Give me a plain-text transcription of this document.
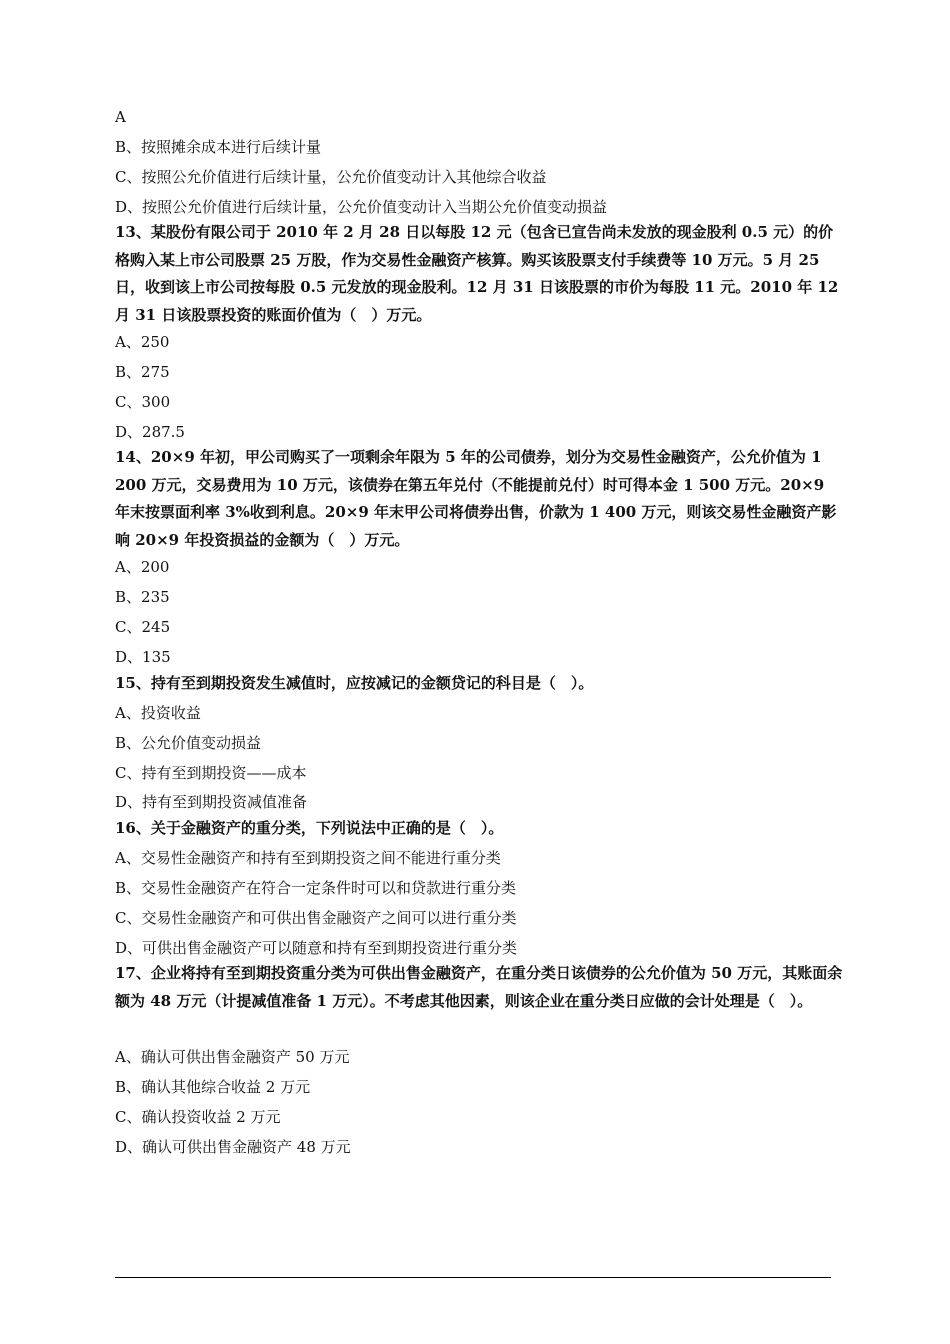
A
B、按照摊余成本进行后续计量
C、按照公允价值进行后续计量，公允价值变动计入其他综合收益
D、按照公允价值进行后续计量，公允价值变动计入当期公允价值变动损益
13、某股份有限公司于 2010 年 2 月 28 日以每股 12 元（包含已宣告尚未发放的现金股利 0.5 元）的价格购入某上市公司股票 25 万股，作为交易性金融资产核算。购买该股票支付手续费等 10 万元。5 月 25 日，收到该上市公司按每股 0.5 元发放的现金股利。12 月 31 日该股票的市价为每股 11 元。2010 年 12 月 31 日该股票投资的账面价值为（　）万元。
A、250
B、275
C、300
D、287.5
14、20×9 年初，甲公司购买了一项剩余年限为 5 年的公司债券，划分为交易性金融资产，公允价值为 1 200 万元，交易费用为 10 万元，该债券在第五年兑付（不能提前兑付）时可得本金 1 500 万元。20×9 年末按票面利率 3%收到利息。20×9 年末甲公司将债券出售，价款为 1 400 万元，则该交易性金融资产影响 20×9 年投资损益的金额为（　）万元。
A、200
B、235
C、245
D、135
15、持有至到期投资发生减值时，应按减记的金额贷记的科目是（　）。
A、投资收益
B、公允价值变动损益
C、持有至到期投资——成本
D、持有至到期投资减值准备
16、关于金融资产的重分类，下列说法中正确的是（　）。
A、交易性金融资产和持有至到期投资之间不能进行重分类
B、交易性金融资产在符合一定条件时可以和贷款进行重分类
C、交易性金融资产和可供出售金融资产之间可以进行重分类
D、可供出售金融资产可以随意和持有至到期投资进行重分类
17、企业将持有至到期投资重分类为可供出售金融资产，在重分类日该债券的公允价值为 50 万元，其账面余额为 48 万元（计提减值准备 1 万元）。不考虑其他因素，则该企业在重分类日应做的会计处理是（　）。
A、确认可供出售金融资产 50 万元
B、确认其他综合收益 2 万元
C、确认投资收益 2 万元
D、确认可供出售金融资产 48 万元
